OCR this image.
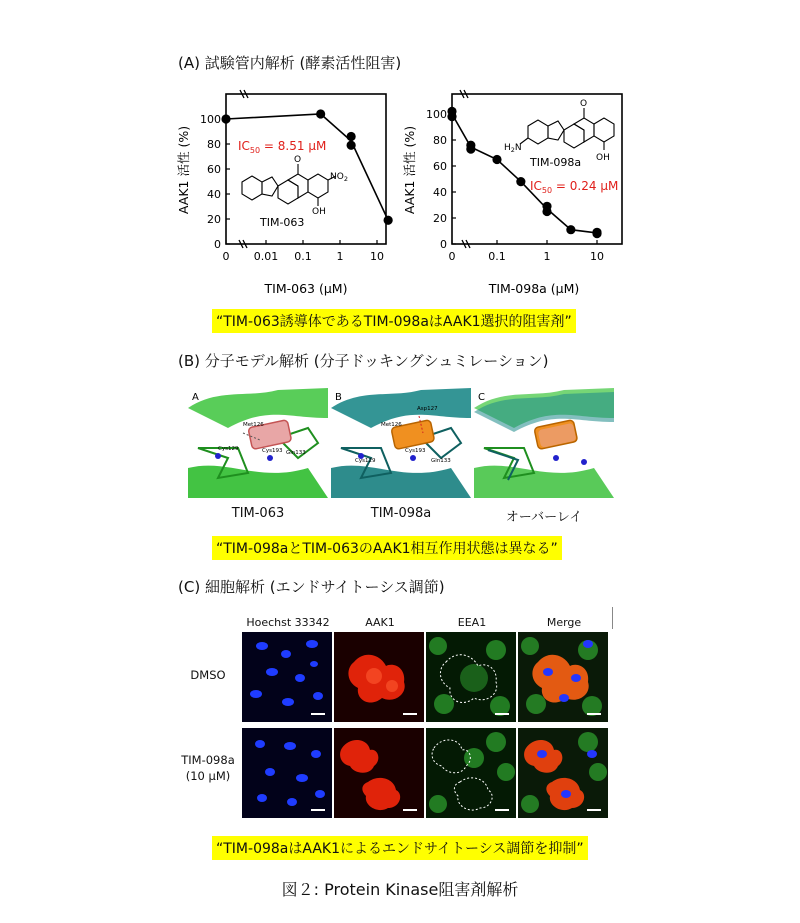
(A) 試験管内解析 (酵素活性阻害)
0
20
40
60
80
100
0 0.01 0.1 1 10
AAK1 活性 (%)
TIM-063 (μM)
$IC_{50} = 8.51$ μM
O
$NO_2$
OH
TIM-063
0
20
40
60
80
100
0	0.1	1	10
AAK1 活性 (%)
TIM-098a (μM)
$IC_{50} = 0.24$ μM
O
$H_2N$
OH
TIM-098a
“TIM-063誘導体であるTIM-098aはAAK1選択的阻害剤”
(B) 分子モデル解析 (分子ドッキングシュミレーション)
A
Met126
Cys193
Cys129
Gln133
B
Met126
Cys193
Cys129	Gln133
Asp127
C
TIM-063	TIM-098a	オーバーレイ
“TIM-098aとTIM-063のAAK1相互作用状態は異なる”
(C) 細胞解析 (エンドサイトーシス調節)
Hoechst 33342	AAK1	EEA1	Merge
DMSO
TIM-098a
(10 μM)
“TIM-098aはAAK1によるエンドサイトーシス調節を抑制”
図２: Protein Kinase阻害剤解析
